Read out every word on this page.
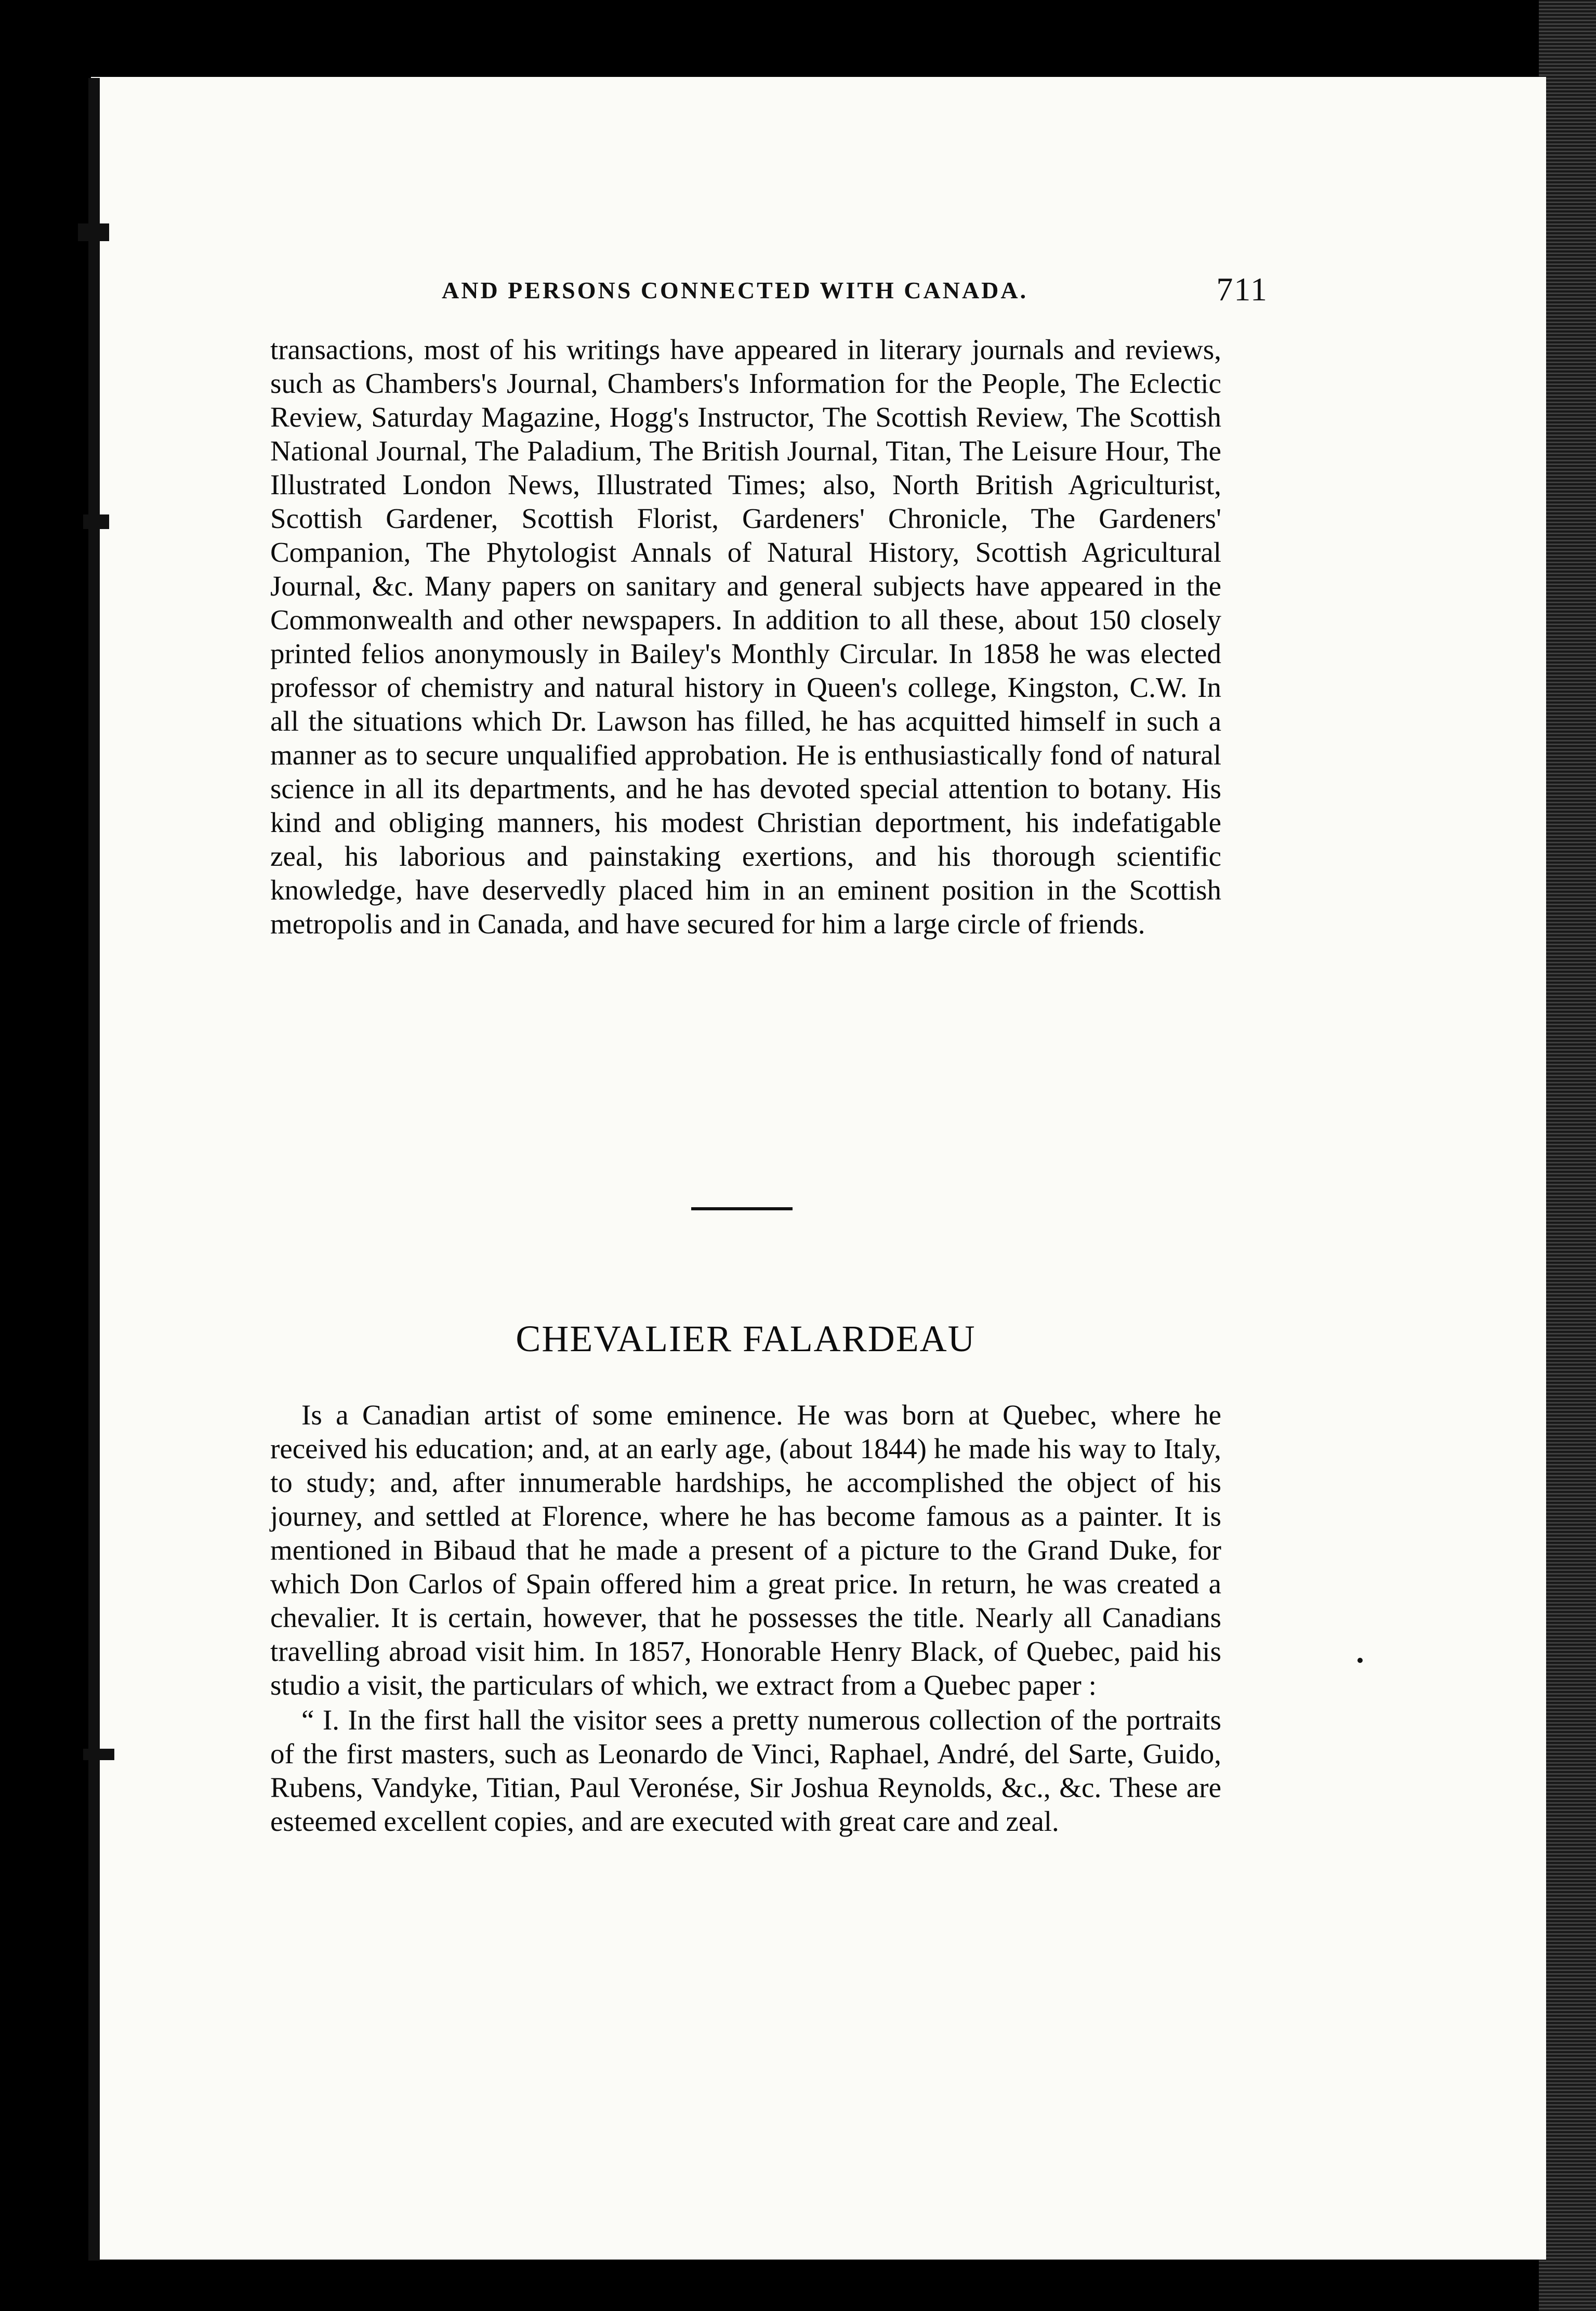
AND PERSONS CONNECTED WITH CANADA.	711

transactions, most of his writings have appeared in literary journals and reviews, such as Chambers's Journal, Chambers's Information for the People, The Eclectic Review, Saturday Magazine, Hogg's Instructor, The Scottish Review, The Scottish National Journal, The Paladium, The British Journal, Titan, The Leisure Hour, The Illustrated London News, Illustrated Times; also, North British Agriculturist, Scottish Gardener, Scottish Florist, Gardeners' Chronicle, The Gardeners' Companion, The Phytologist Annals of Natural History, Scottish Agricultural Journal, &c. Many papers on sanitary and general subjects have appeared in the Commonwealth and other newspapers. In addition to all these, about 150 closely printed felios anonymously in Bailey's Monthly Circular. In 1858 he was elected professor of chemistry and natural history in Queen's college, Kingston, C.W. In all the situations which Dr. Lawson has filled, he has acquitted himself in such a manner as to secure unqualified approbation. He is enthusiastically fond of natural science in all its departments, and he has devoted special attention to botany. His kind and obliging manners, his modest Christian deportment, his indefatigable zeal, his laborious and painstaking exertions, and his thorough scientific knowledge, have deservedly placed him in an eminent position in the Scottish metropolis and in Canada, and have secured for him a large circle of friends.

CHEVALIER FALARDEAU

Is a Canadian artist of some eminence. He was born at Quebec, where he received his education; and, at an early age, (about 1844) he made his way to Italy, to study; and, after innumerable hardships, he accomplished the object of his journey, and settled at Florence, where he has become famous as a painter. It is mentioned in Bibaud that he made a present of a picture to the Grand Duke, for which Don Carlos of Spain offered him a great price. In return, he was created a chevalier. It is certain, however, that he possesses the title. Nearly all Canadians travelling abroad visit him. In 1857, Honorable Henry Black, of Quebec, paid his studio a visit, the particulars of which, we extract from a Quebec paper :

“ I. In the first hall the visitor sees a pretty numerous collection of the portraits of the first masters, such as Leonardo de Vinci, Raphael, André, del Sarte, Guido, Rubens, Vandyke, Titian, Paul Veronése, Sir Joshua Reynolds, &c., &c. These are esteemed excellent copies, and are executed with great care and zeal.
